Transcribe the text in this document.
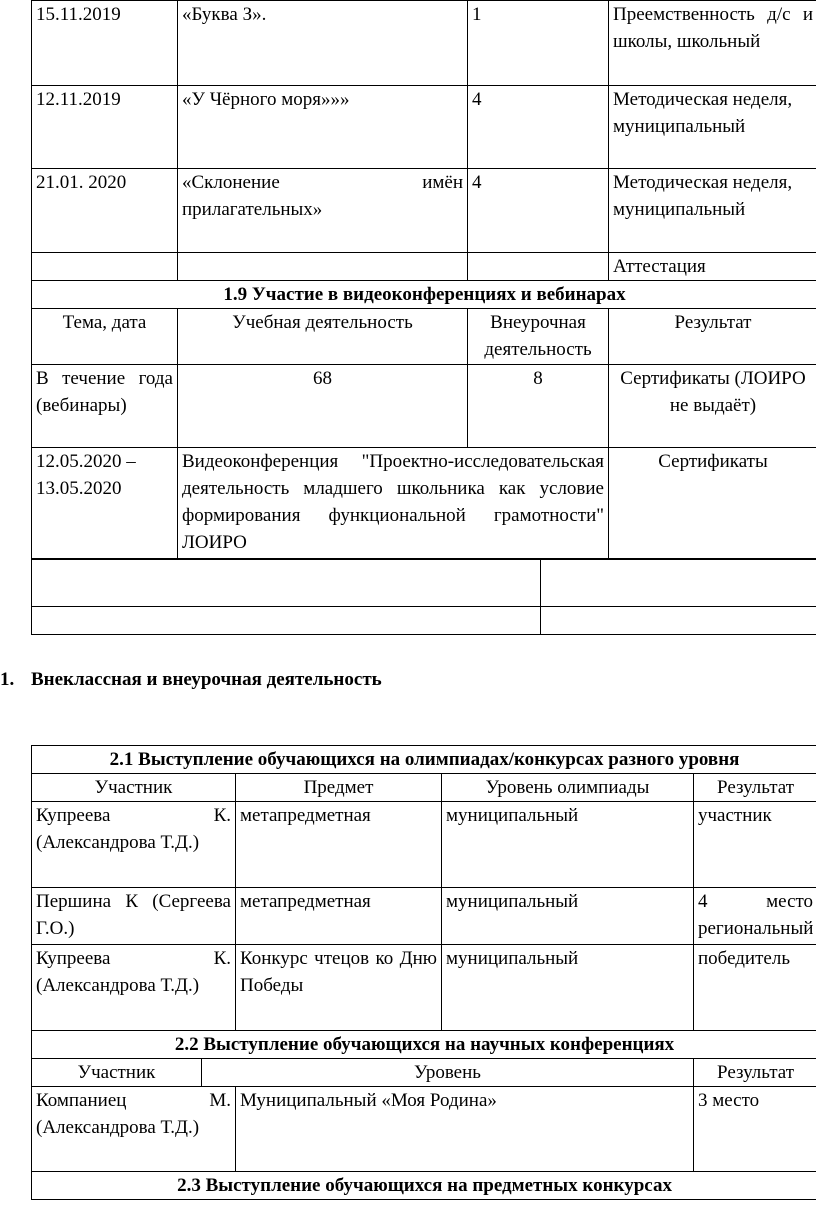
15.11.2019	«Буква З».	1	Преемственность д/с и школы, школьный
12.11.2019	«У Чёрного моря»»»	4	Методическая неделя, муниципальный
21.01. 2020	«Склонение имён прилагательных»	4	Методическая неделя, муниципальный
			Аттестация
1.9 Участие в видеоконференциях и вебинарах			
Тема, дата	Учебная деятельность	Внеурочная деятельность	Результат
В течение года (вебинары)	68	8	Сертификаты (ЛОИРО не выдаёт)
12.05.2020 – 13.05.2020	Видеоконференция "Проектно-исследовательская деятельность младшего школьника как условие формирования функциональной грамотности" ЛОИРО		Сертификаты

1. Внеклассная и внеурочная деятельность

2.1 Выступление обучающихся на олимпиадах/конкурсах разного уровня				
Участник		Предмет	Уровень олимпиады	Результат
Купреева К. (Александрова Т.Д.)		метапредметная	муниципальный	участник
Першина К (Сергеева Г.О.)		метапредметная	муниципальный	4 место региональный
Купреева К. (Александрова Т.Д.)		Конкурс чтецов ко Дню Победы	муниципальный	победитель
2.2 Выступление обучающихся на научных конференциях				
Участник	Уровень			Результат
Компаниец М. (Александрова Т.Д.)		Муниципальный «Моя Родина»		3 место
2.3 Выступление обучающихся на предметных конкурсах				
